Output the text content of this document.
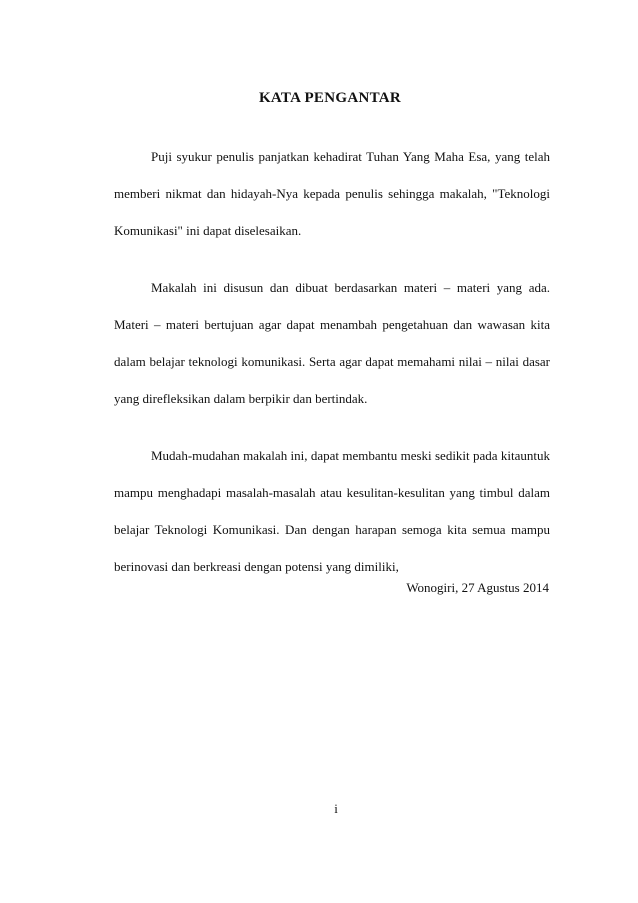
KATA PENGANTAR

Puji syukur penulis panjatkan kehadirat Tuhan Yang Maha Esa, yang telah memberi nikmat dan hidayah-Nya kepada penulis sehingga makalah, "Teknologi Komunikasi" ini dapat diselesaikan.

Makalah ini disusun dan dibuat berdasarkan materi – materi yang ada. Materi – materi bertujuan agar dapat menambah pengetahuan dan wawasan kita dalam belajar teknologi komunikasi. Serta agar dapat memahami nilai – nilai dasar yang direfleksikan dalam berpikir dan bertindak.

Mudah-mudahan makalah ini, dapat membantu meski sedikit pada kitauntuk mampu menghadapi masalah-masalah atau kesulitan-kesulitan yang timbul dalam belajar Teknologi Komunikasi. Dan dengan harapan semoga kita semua mampu berinovasi dan berkreasi dengan potensi yang dimiliki,

Wonogiri, 27 Agustus 2014
i
